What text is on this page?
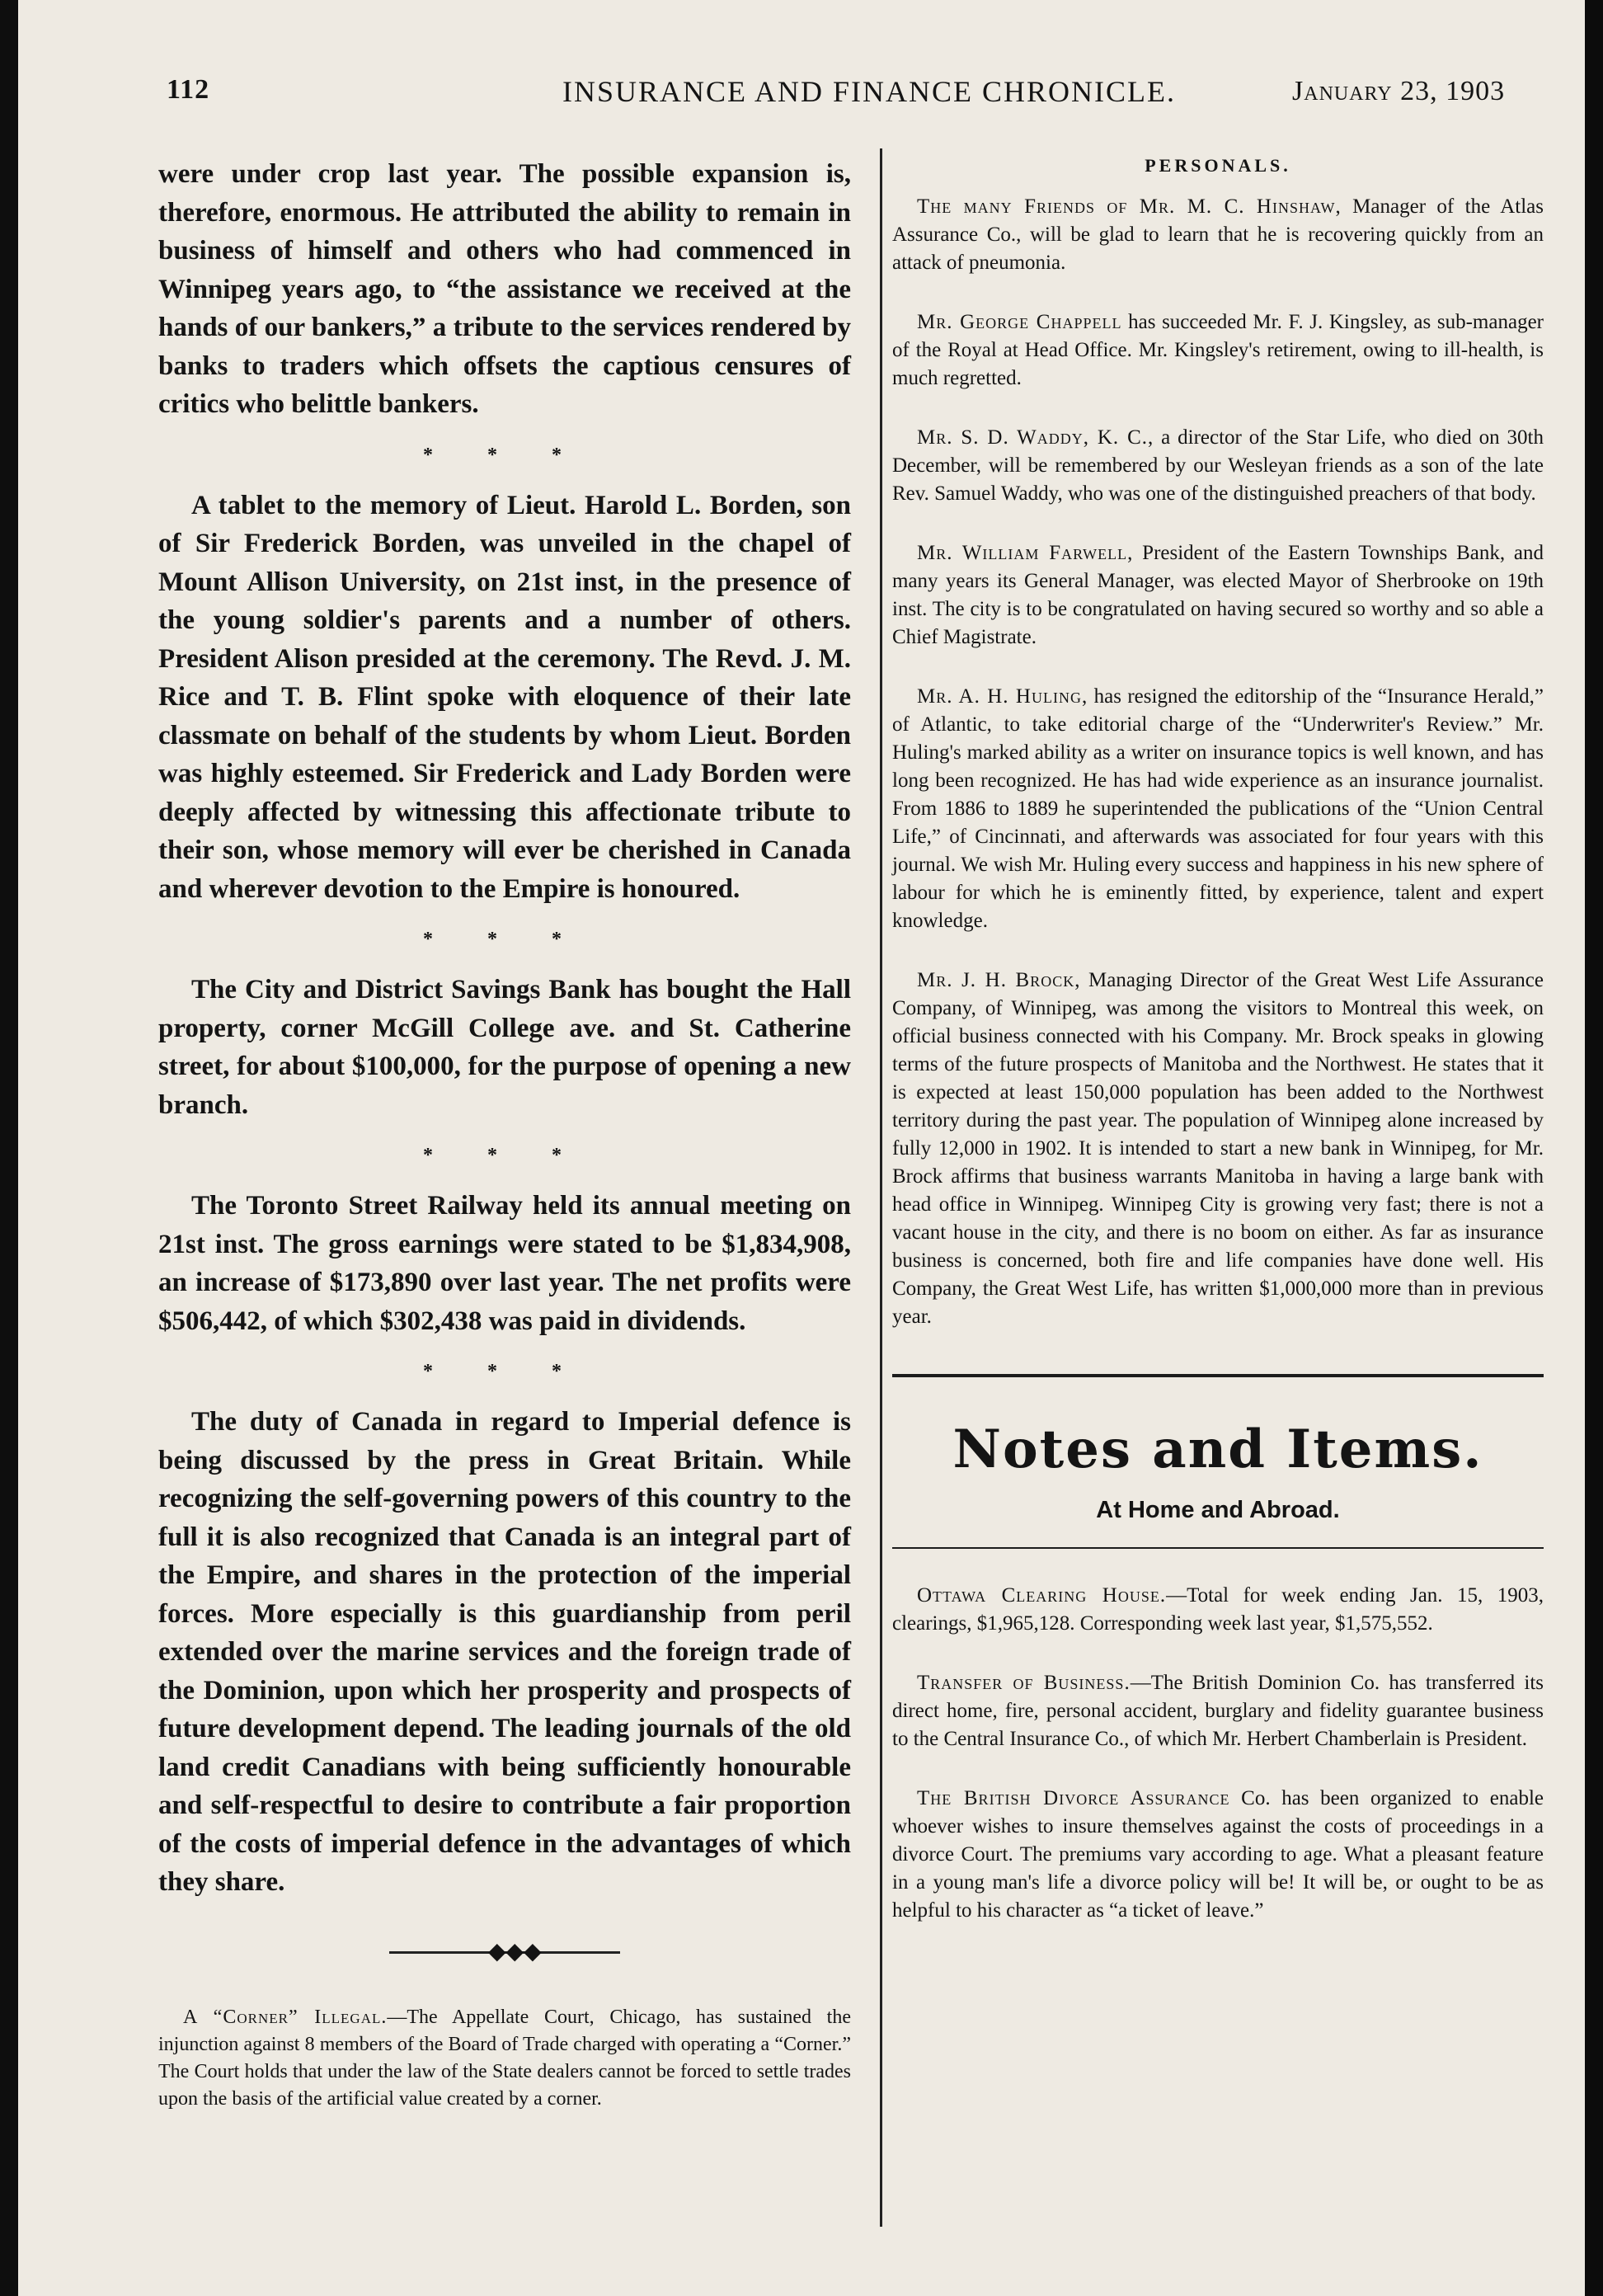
112	INSURANCE AND FINANCE CHRONICLE.	January 23, 1903

were under crop last year. The possible expansion is, therefore, enormous. He attributed the ability to remain in business of himself and others who had commenced in Winnipeg years ago, to “the assistance we received at the hands of our bankers,” a tribute to the services rendered by banks to traders which offsets the captious censures of critics who belittle bankers.

* * *

A tablet to the memory of Lieut. Harold L. Borden, son of Sir Frederick Borden, was unveiled in the chapel of Mount Allison University, on 21st inst, in the presence of the young soldier's parents and a number of others. President Alison presided at the ceremony. The Revd. J. M. Rice and T. B. Flint spoke with eloquence of their late classmate on behalf of the students by whom Lieut. Borden was highly esteemed. Sir Frederick and Lady Borden were deeply affected by witnessing this affectionate tribute to their son, whose memory will ever be cherished in Canada and wherever devotion to the Empire is honoured.

* * *

The City and District Savings Bank has bought the Hall property, corner McGill College ave. and St. Catherine street, for about $100,000, for the purpose of opening a new branch.

* * *

The Toronto Street Railway held its annual meeting on 21st inst. The gross earnings were stated to be $1,834,908, an increase of $173,890 over last year. The net profits were $506,442, of which $302,438 was paid in dividends.

* * *

The duty of Canada in regard to Imperial defence is being discussed by the press in Great Britain. While recognizing the self-governing powers of this country to the full it is also recognized that Canada is an integral part of the Empire, and shares in the protection of the imperial forces. More especially is this guardianship from peril extended over the marine services and the foreign trade of the Dominion, upon which her prosperity and prospects of future development depend. The leading journals of the old land credit Canadians with being sufficiently honourable and self-respectful to desire to contribute a fair proportion of the costs of imperial defence in the advantages of which they share.

◆◆◆

A “Corner” Illegal.—The Appellate Court, Chicago, has sustained the injunction against 8 members of the Board of Trade charged with operating a “Corner.” The Court holds that under the law of the State dealers cannot be forced to settle trades upon the basis of the artificial value created by a corner.

PERSONALS.

The many Friends of Mr. M. C. Hinshaw, Manager of the Atlas Assurance Co., will be glad to learn that he is recovering quickly from an attack of pneumonia.

Mr. George Chappell has succeeded Mr. F. J. Kingsley, as sub-manager of the Royal at Head Office. Mr. Kingsley's retirement, owing to ill-health, is much regretted.

Mr. S. D. Waddy, K. C., a director of the Star Life, who died on 30th December, will be remembered by our Wesleyan friends as a son of the late Rev. Samuel Waddy, who was one of the distinguished preachers of that body.

Mr. William Farwell, President of the Eastern Townships Bank, and many years its General Manager, was elected Mayor of Sherbrooke on 19th inst. The city is to be congratulated on having secured so worthy and so able a Chief Magistrate.

Mr. A. H. Huling, has resigned the editorship of the “Insurance Herald,” of Atlantic, to take editorial charge of the “Underwriter's Review.” Mr. Huling's marked ability as a writer on insurance topics is well known, and has long been recognized. He has had wide experience as an insurance journalist. From 1886 to 1889 he superintended the publications of the “Union Central Life,” of Cincinnati, and afterwards was associated for four years with this journal. We wish Mr. Huling every success and happiness in his new sphere of labour for which he is eminently fitted, by experience, talent and expert knowledge.

Mr. J. H. Brock, Managing Director of the Great West Life Assurance Company, of Winnipeg, was among the visitors to Montreal this week, on official business connected with his Company. Mr. Brock speaks in glowing terms of the future prospects of Manitoba and the Northwest. He states that it is expected at least 150,000 population has been added to the Northwest territory during the past year. The population of Winnipeg alone increased by fully 12,000 in 1902. It is intended to start a new bank in Winnipeg, for Mr. Brock affirms that business warrants Manitoba in having a large bank with head office in Winnipeg. Winnipeg City is growing very fast; there is not a vacant house in the city, and there is no boom on either. As far as insurance business is concerned, both fire and life companies have done well. His Company, the Great West Life, has written $1,000,000 more than in previous year.

Notes and Items.
At Home and Abroad.

Ottawa Clearing House.—Total for week ending Jan. 15, 1903, clearings, $1,965,128. Corresponding week last year, $1,575,552.

Transfer of Business.—The British Dominion Co. has transferred its direct home, fire, personal accident, burglary and fidelity guarantee business to the Central Insurance Co., of which Mr. Herbert Chamberlain is President.

The British Divorce Assurance Co. has been organized to enable whoever wishes to insure themselves against the costs of proceedings in a divorce Court. The premiums vary according to age. What a pleasant feature in a young man's life a divorce policy will be! It will be, or ought to be as helpful to his character as “a ticket of leave.”
